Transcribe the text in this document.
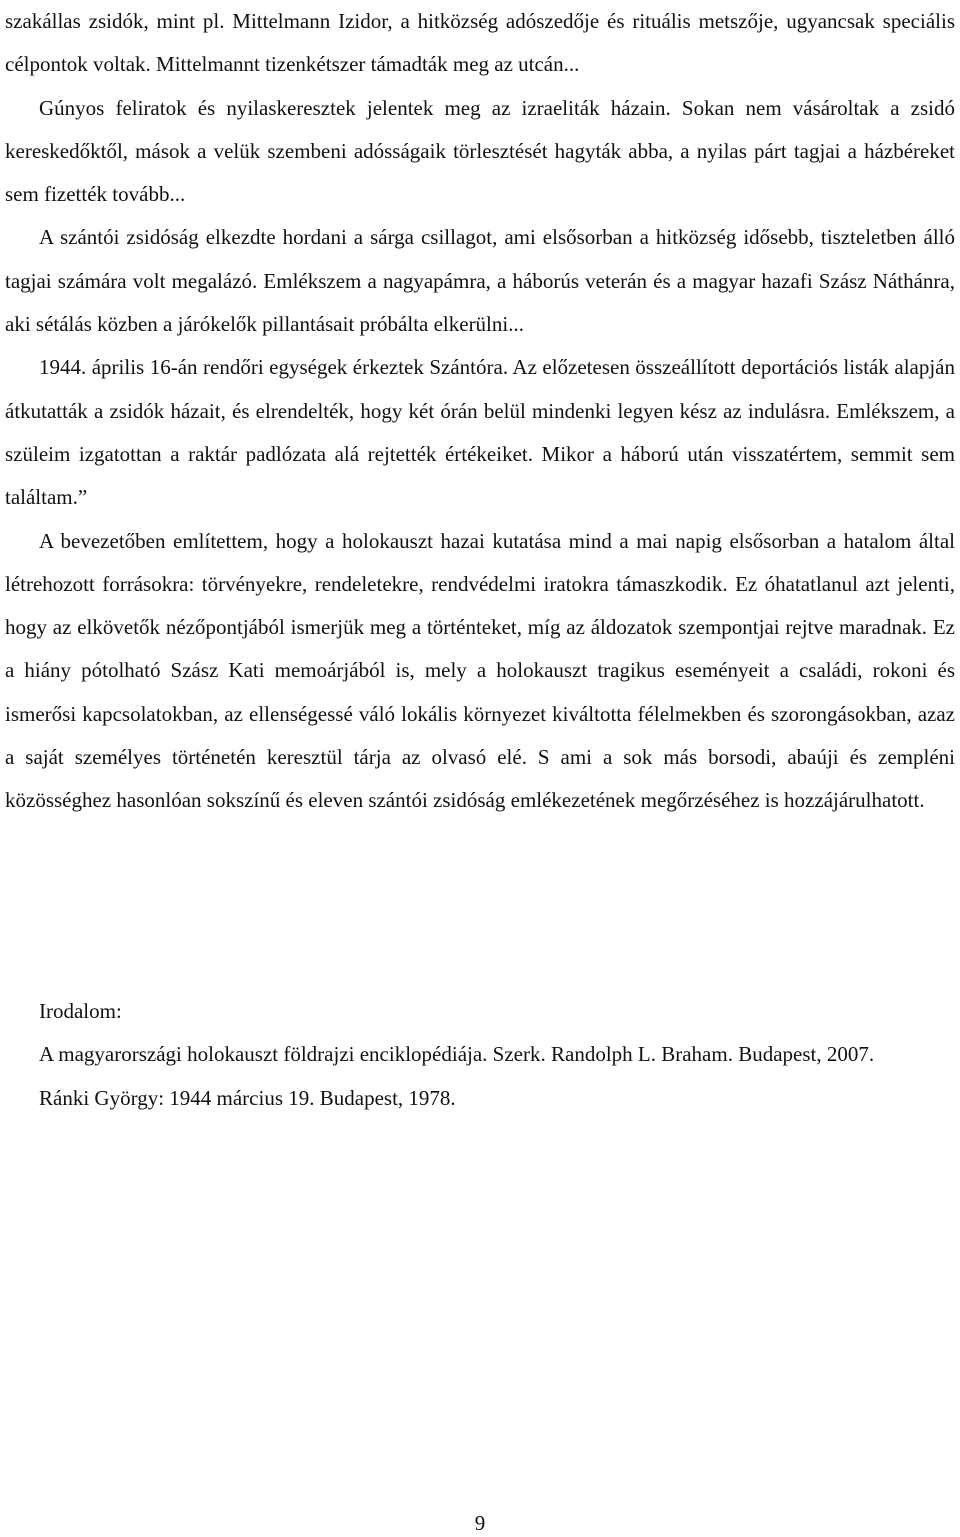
szakállas zsidók, mint pl. Mittelmann Izidor, a hitközség adószedője és rituális metszője, ugyancsak speciális célpontok voltak. Mittelmannt tizenkétszer támadták meg az utcán...

Gúnyos feliratok és nyilaskeresztek jelentek meg az izraeliták házain. Sokan nem vásároltak a zsidó kereskedőktől, mások a velük szembeni adósságaik törlesztését hagyták abba, a nyilas párt tagjai a házbéreket sem fizették tovább...

A szántói zsidóság elkezdte hordani a sárga csillagot, ami elsősorban a hitközség idősebb, tiszteletben álló tagjai számára volt megalázó. Emlékszem a nagyapámra, a háborús veterán és a magyar hazafi Szász Náthánra, aki sétálás közben a járókelők pillantásait próbálta elkerülni...

1944. április 16-án rendőri egységek érkeztek Szántóra. Az előzetesen összeállított deportációs listák alapján átkutatták a zsidók házait, és elrendelték, hogy két órán belül mindenki legyen kész az indulásra. Emlékszem, a szüleim izgatottan a raktár padlózata alá rejtették értékeiket. Mikor a háború után visszatértem, semmit sem találtam.”

A bevezetőben említettem, hogy a holokauszt hazai kutatása mind a mai napig elsősorban a hatalom által létrehozott forrásokra: törvényekre, rendeletekre, rendvédelmi iratokra támaszkodik. Ez óhatatlanul azt jelenti, hogy az elkövetők nézőpontjából ismerjük meg a történteket, míg az áldozatok szempontjai rejtve maradnak. Ez a hiány pótolható Szász Kati memoárjából is, mely a holokauszt tragikus eseményeit a családi, rokoni és ismerősi kapcsolatokban, az ellenségessé váló lokális környezet kiváltotta félelmekben és szorongásokban, azaz a saját személyes történetén keresztül tárja az olvasó elé. S ami a sok más borsodi, abaúji és zempléni közösséghez hasonlóan sokszínű és eleven szántói zsidóság emlékezetének megőrzéséhez is hozzájárulhatott.

Irodalom:

A magyarországi holokauszt földrajzi enciklopédiája. Szerk. Randolph L. Braham. Budapest, 2007.

Ránki György: 1944 március 19. Budapest, 1978.

9
